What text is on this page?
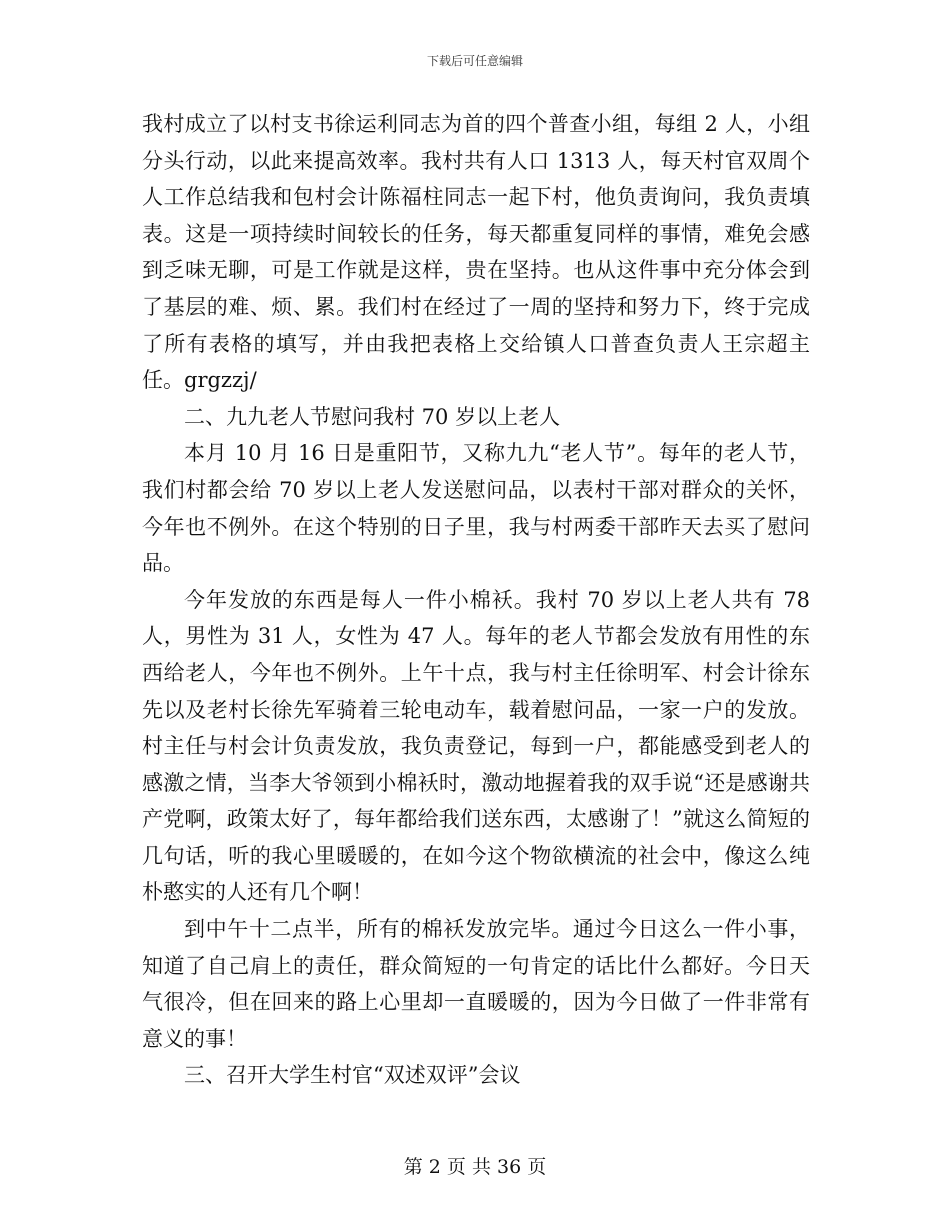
下载后可任意编辑

我村成立了以村支书徐运利同志为首的四个普查小组，每组 2 人，小组分头行动，以此来提高效率。我村共有人口 1313 人，每天村官双周个人工作总结我和包村会计陈福柱同志一起下村，他负责询问，我负责填表。这是一项持续时间较长的任务，每天都重复同样的事情，难免会感到乏味无聊，可是工作就是这样，贵在坚持。也从这件事中充分体会到了基层的难、烦、累。我们村在经过了一周的坚持和努力下，终于完成了所有表格的填写，并由我把表格上交给镇人口普查负责人王宗超主任。grgzzj/

二、九九老人节慰问我村 70 岁以上老人

本月 10 月 16 日是重阳节，又称九九“老人节”。每年的老人节，我们村都会给 70 岁以上老人发送慰问品，以表村干部对群众的关怀，今年也不例外。在这个特别的日子里，我与村两委干部昨天去买了慰问品。

今年发放的东西是每人一件小棉袄。我村 70 岁以上老人共有 78 人，男性为 31 人，女性为 47 人。每年的老人节都会发放有用性的东西给老人，今年也不例外。上午十点，我与村主任徐明军、村会计徐东先以及老村长徐先军骑着三轮电动车，载着慰问品，一家一户的发放。村主任与村会计负责发放，我负责登记，每到一户，都能感受到老人的感激之情，当李大爷领到小棉袄时，激动地握着我的双手说“还是感谢共产党啊，政策太好了，每年都给我们送东西，太感谢了！”就这么简短的几句话，听的我心里暖暖的，在如今这个物欲横流的社会中，像这么纯朴憨实的人还有几个啊！

到中午十二点半，所有的棉袄发放完毕。通过今日这么一件小事，知道了自己肩上的责任，群众简短的一句肯定的话比什么都好。今日天气很冷，但在回来的路上心里却一直暖暖的，因为今日做了一件非常有意义的事！

三、召开大学生村官“双述双评”会议

第 2 页 共 36 页
